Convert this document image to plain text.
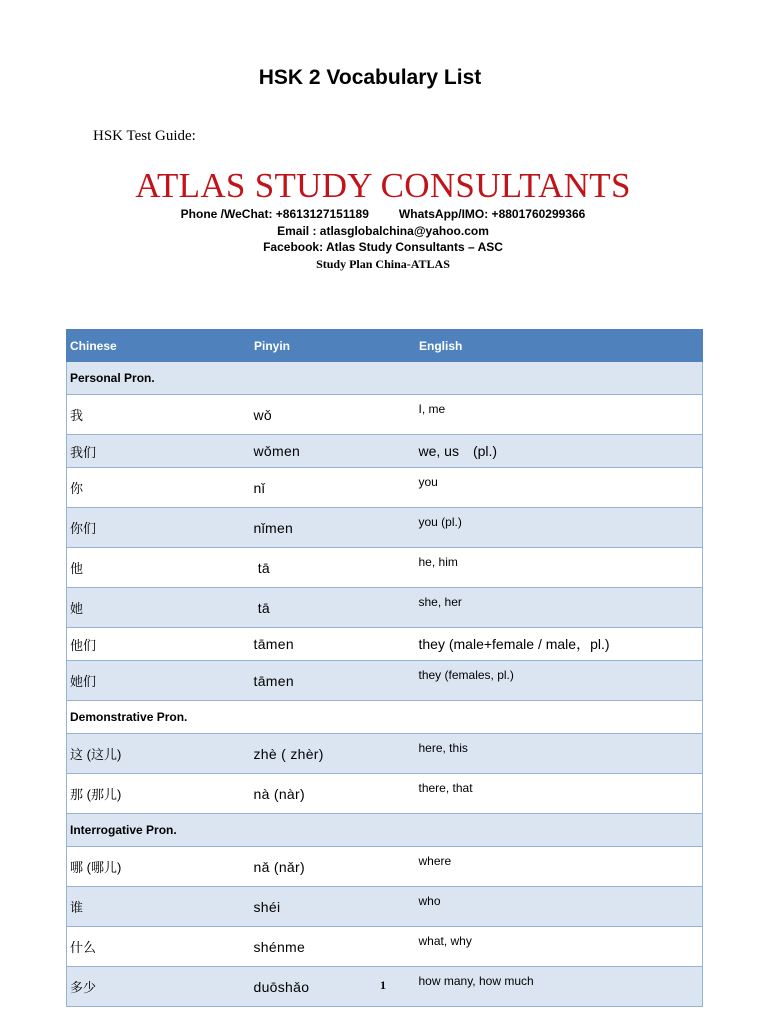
HSK 2 Vocabulary List
HSK Test Guide:
ATLAS STUDY CONSULTANTS
Phone /WeChat: +8613127151189	WhatsApp/IMO: +8801760299366
Email : atlasglobalchina@yahoo.com
Facebook: Atlas Study Consultants – ASC
Study Plan China-ATLAS
Chinese	Pinyin	English
Personal Pron.		
我	wǒ	I, me
我们	wǒmen	we, us　(pl.)
你	nǐ	you
你们	nǐmen	you (pl.)
他	tā	he, him
她	tā	she, her
他们	tāmen	they (male+female / male，pl.)
她们	tāmen	they (females, pl.)
Demonstrative Pron.		
这 (这儿)	zhè ( zhèr)	here, this
那 (那儿)	nà (nàr)	there, that
Interrogative Pron.		
哪 (哪儿)	nǎ (nǎr)	where
谁	shéi	who
什么	shénme	what, why
多少	duōshǎo	how many, how much
1
